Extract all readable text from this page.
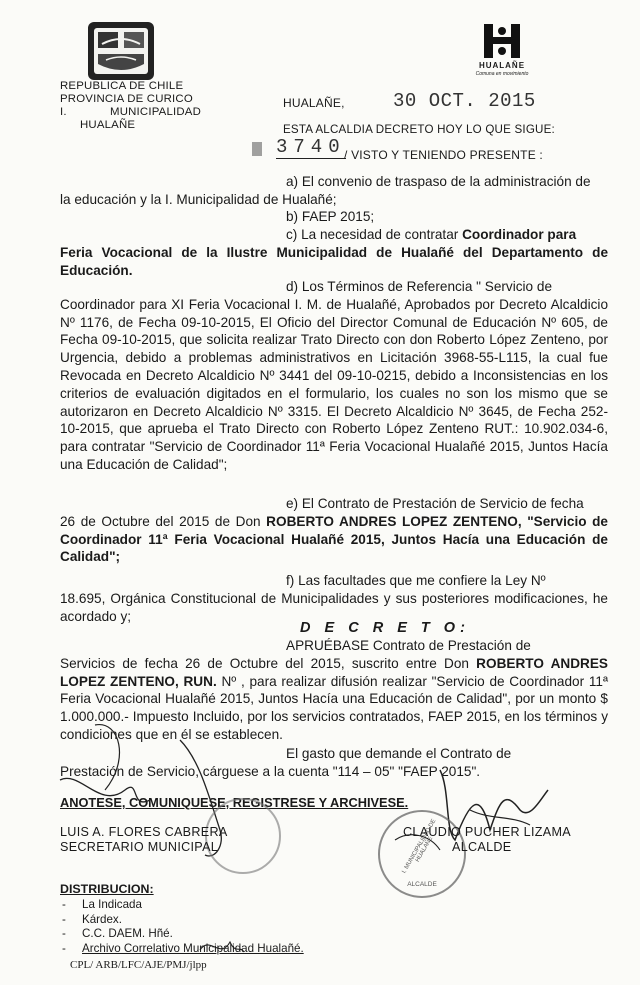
HUALAÑE
Comuna en movimiento
REPUBLICA DE CHILE
PROVINCIA DE CURICO
I.	MUNICIPALIDAD
HUALAÑE
HUALAÑE,	30 OCT. 2015
ESTA ALCALDIA DECRETO HOY LO QUE SIGUE:
3740
/ VISTO Y TENIENDO PRESENTE :
a) El convenio de traspaso de la administración de
la educación y la I. Municipalidad de Hualañé;
b) FAEP 2015;
c) La necesidad de contratar Coordinador para
Feria Vocacional de la Ilustre Municipalidad de Hualañé del Departamento de Educación.
d) Los Términos de Referencia " Servicio de
Coordinador para XI Feria Vocacional I. M. de Hualañé, Aprobados por Decreto Alcaldicio Nº 1176, de Fecha 09-10-2015, El Oficio del Director Comunal de Educación Nº 605, de Fecha 09-10-2015, que solicita realizar Trato Directo con don Roberto López Zenteno, por Urgencia, debido a problemas administrativos en Licitación 3968-55-L115, la cual fue Revocada en Decreto Alcaldicio Nº 3441 del 09-10-0215, debido a Inconsistencias en los criterios de evaluación digitados en el formulario, los cuales no son los mismo que se autorizaron en Decreto Alcaldicio Nº 3315. El Decreto Alcaldicio Nº 3645, de Fecha 252-10-2015, que aprueba el Trato Directo con Roberto López Zenteno RUT.: 10.902.034-6, para contratar "Servicio de Coordinador 11ª Feria Vocacional Hualañé 2015, Juntos Hacía una Educación de Calidad";
e) El Contrato de Prestación de Servicio de fecha
26 de Octubre del 2015 de Don ROBERTO ANDRES LOPEZ ZENTENO, "Servicio de Coordinador 11ª Feria Vocacional Hualañé 2015, Juntos Hacía una Educación de Calidad";
f) Las facultades que me confiere la Ley Nº
18.695, Orgánica Constitucional de Municipalidades y sus posteriores modificaciones, he acordado y;
D E C R E T O:
APRUÉBASE Contrato de Prestación de
Servicios de fecha 26 de Octubre del 2015, suscrito entre Don ROBERTO ANDRES LOPEZ ZENTENO, RUN. Nº , para realizar difusión realizar "Servicio de Coordinador 11ª Feria Vocacional Hualañé 2015, Juntos Hacía una Educación de Calidad", por un monto $ 1.000.000.- Impuesto Incluido, por los servicios contratados, FAEP 2015, en los términos y condiciones que en él se establecen.
El gasto que demande el Contrato de
Prestación de Servicio, cárguese a la cuenta "114 – 05" "FAEP 2015".
ANOTESE, COMUNIQUESE, REGISTRESE Y ARCHIVESE.
I. MUNICIPALIDAD DE HUALAÑE
ALCALDE
LUIS A. FLORES CABRERA
SECRETARIO MUNICIPAL
CLAUDIO PUCHER LIZAMA
ALCALDE
DISTRIBUCION:
- La Indicada
- Kárdex.
- C.C. DAEM. Hñé.
- Archivo Correlativo Municipalidad Hualañé.
CPL/ ARB/LFC/AJE/PMJ/jlpp
